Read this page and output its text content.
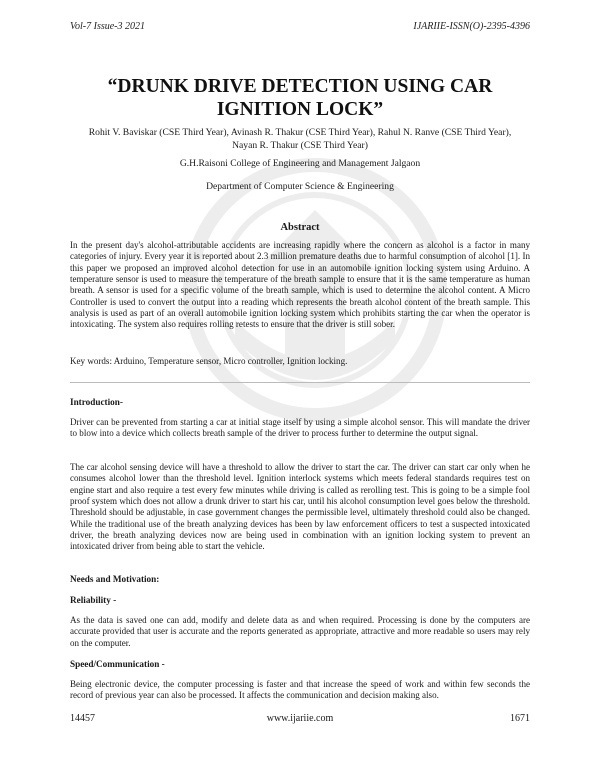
Vol-7 Issue-3 2021	IJARIIE-ISSN(O)-2395-4396
“DRUNK DRIVE DETECTION USING CAR
IGNITION LOCK”
Rohit V. Baviskar (CSE Third Year), Avinash R. Thakur (CSE Third Year), Rahul N. Ranve (CSE Third Year),
Nayan R. Thakur (CSE Third Year)
G.H.Raisoni College of Engineering and Management Jalgaon
Department of Computer Science & Engineering
Abstract
In the present day's alcohol-attributable accidents are increasing rapidly where the concern as alcohol is a factor in many categories of injury. Every year it is reported about 2.3 million premature deaths due to harmful consumption of alcohol [1]. In this paper we proposed an improved alcohol detection for use in an automobile ignition locking system using Arduino. A temperature sensor is used to measure the temperature of the breath sample to ensure that it is the same temperature as human breath. A sensor is used for a specific volume of the breath sample, which is used to determine the alcohol content. A Micro Controller is used to convert the output into a reading which represents the breath alcohol content of the breath sample. This analysis is used as part of an overall automobile ignition locking system which prohibits starting the car when the operator is intoxicating. The system also requires rolling retests to ensure that the driver is still sober.
Key words: Arduino, Temperature sensor, Micro controller, Ignition locking.
Introduction-
Driver can be prevented from starting a car at initial stage itself by using a simple alcohol sensor. This will mandate the driver to blow into a device which collects breath sample of the driver to process further to determine the output signal.
The car alcohol sensing device will have a threshold to allow the driver to start the car. The driver can start car only when he consumes alcohol lower than the threshold level. Ignition interlock systems which meets federal standards requires test on engine start and also require a test every few minutes while driving is called as rerolling test. This is going to be a simple fool proof system which does not allow a drunk driver to start his car, until his alcohol consumption level goes below the threshold. Threshold should be adjustable, in case government changes the permissible level, ultimately threshold could also be changed. While the traditional use of the breath analyzing devices has been by law enforcement officers to test a suspected intoxicated driver, the breath analyzing devices now are being used in combination with an ignition locking system to prevent an intoxicated driver from being able to start the vehicle.
Needs and Motivation:
Reliability -
As the data is saved one can add, modify and delete data as and when required. Processing is done by the computers are accurate provided that user is accurate and the reports generated as appropriate, attractive and more readable so users may rely on the computer.
Speed/Communication -
Being electronic device, the computer processing is faster and that increase the speed of work and within few seconds the record of previous year can also be processed. It affects the communication and decision making also.
14457	www.ijariie.com	1671
